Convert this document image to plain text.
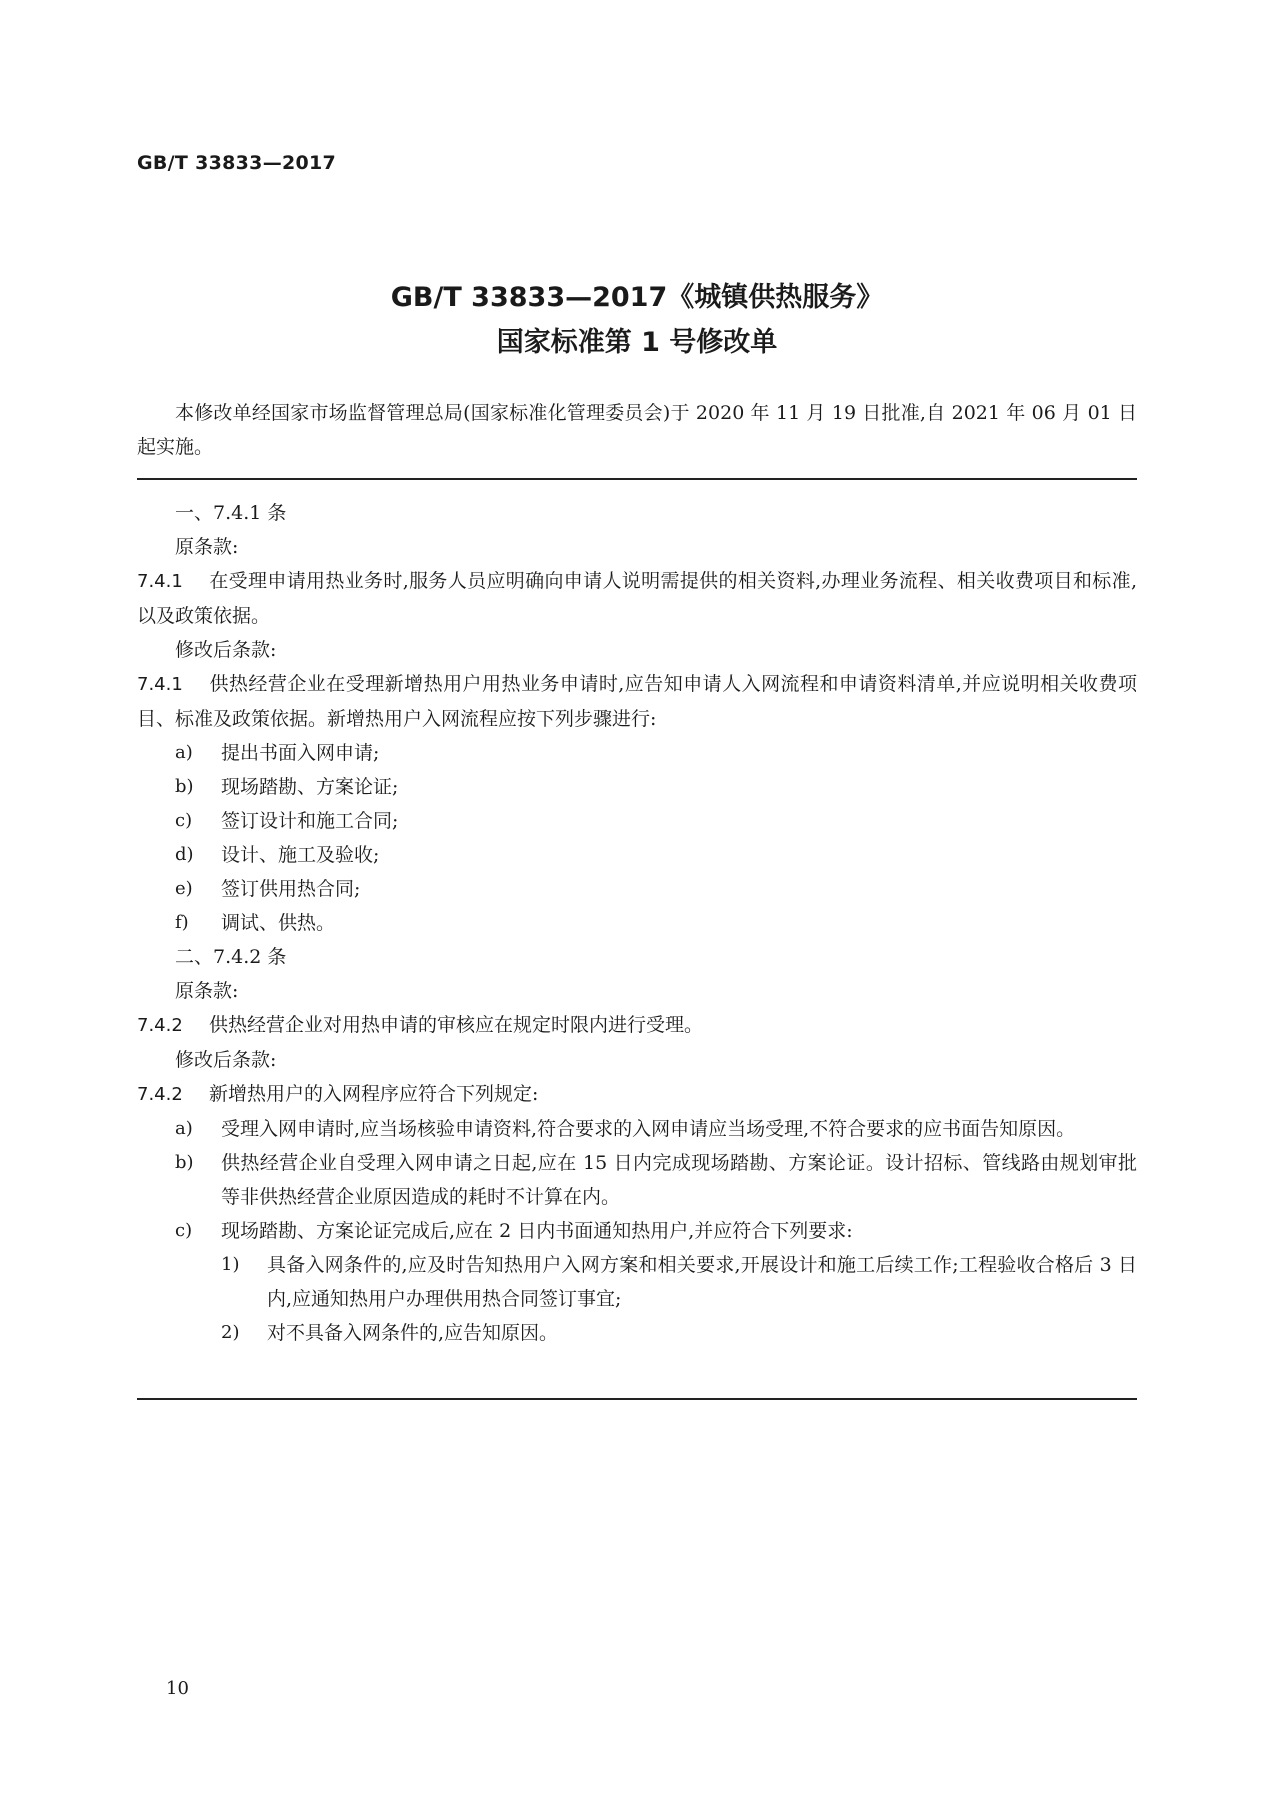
GB/T 33833—2017
GB/T 33833—2017《城镇供热服务》
国家标准第 1 号修改单
本修改单经国家市场监督管理总局(国家标准化管理委员会)于 2020 年 11 月 19 日批准,自 2021 年 06 月 01 日起实施。
一、7.4.1 条
原条款:
7.4.1 在受理申请用热业务时,服务人员应明确向申请人说明需提供的相关资料,办理业务流程、相关收费项目和标准,以及政策依据。
修改后条款:
7.4.1 供热经营企业在受理新增热用户用热业务申请时,应告知申请人入网流程和申请资料清单,并应说明相关收费项目、标准及政策依据。新增热用户入网流程应按下列步骤进行:
a)	提出书面入网申请;
b)	现场踏勘、方案论证;
c)	签订设计和施工合同;
d)	设计、施工及验收;
e)	签订供用热合同;
f)	调试、供热。
二、7.4.2 条
原条款:
7.4.2 供热经营企业对用热申请的审核应在规定时限内进行受理。
修改后条款:
7.4.2 新增热用户的入网程序应符合下列规定:
a)	受理入网申请时,应当场核验申请资料,符合要求的入网申请应当场受理,不符合要求的应书面告知原因。
b)	供热经营企业自受理入网申请之日起,应在 15 日内完成现场踏勘、方案论证。设计招标、管线路由规划审批等非供热经营企业原因造成的耗时不计算在内。
c)	现场踏勘、方案论证完成后,应在 2 日内书面通知热用户,并应符合下列要求:
1)	具备入网条件的,应及时告知热用户入网方案和相关要求,开展设计和施工后续工作;工程验收合格后 3 日内,应通知热用户办理供用热合同签订事宜;
2)	对不具备入网条件的,应告知原因。
10
